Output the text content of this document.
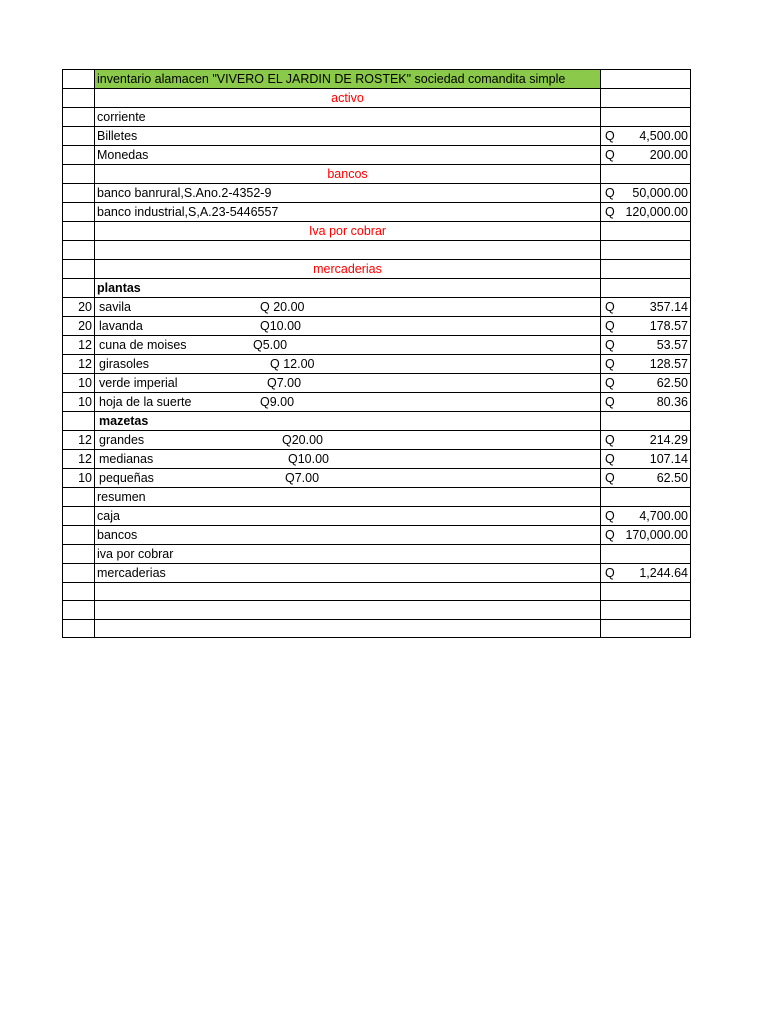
	inventario alamacen "VIVERO EL JARDIN DE ROSTEK" sociedad comandita simple	
	activo	
	corriente	
	Billetes	Q 4,500.00

	Monedas	Q 200.00

	bancos	
	banco banrural,S.Ano.2-4352-9	Q 50,000.00

	banco industrial,S,A.23-5446557	Q 120,000.00

	Iva por cobrar	

	mercaderias	
	plantas	
20	savila Q 20.00	Q 357.14

20	lavanda Q10.00	Q 178.57

12	cuna de moises Q5.00	Q 53.57

12	girasoles Q 12.00	Q 128.57

10	verde imperial Q7.00	Q 62.50

10	hoja de la suerte Q9.00	Q 80.36

	mazetas	
12	grandes Q20.00	Q 214.29

12	medianas Q10.00	Q 107.14

10	pequeñas Q7.00	Q 62.50

	resumen	
	caja	Q 4,700.00

	bancos	Q 170,000.00

	iva por cobrar	

	mercaderias	Q 1,244.64
